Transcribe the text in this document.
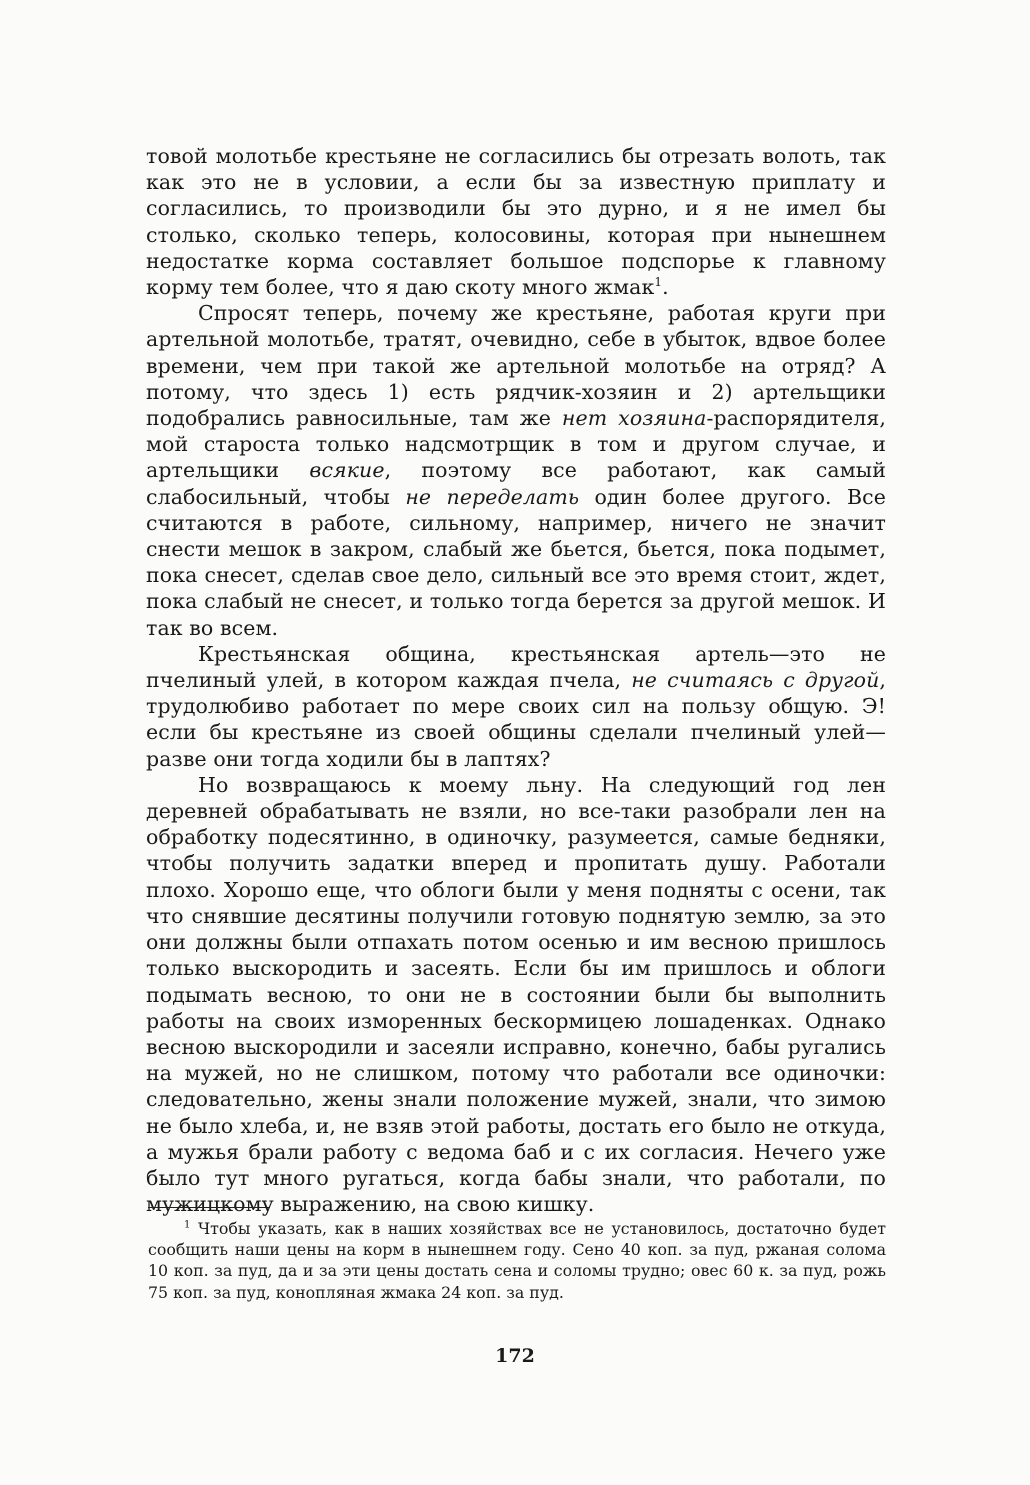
товой молотьбе крестьяне не согласились бы отрезать волоть, так как это не в условии, а если бы за известную приплату и согласились, то производили бы это дурно, и я не имел бы столько, сколько теперь, колосовины, которая при нынешнем недостатке корма составляет большое подспорье к главному корму тем более, что я даю скоту много жмак$^1$.

Спросят теперь, почему же крестьяне, работая круги при артельной молотьбе, тратят, очевидно, себе в убыток, вдвое более времени, чем при такой же артельной молотьбе на отряд? А потому, что здесь 1) есть рядчик-хозяин и 2) артельщики подобрались равносильные, там же нет хозяина-распорядителя, мой староста только надсмотрщик в том и другом случае, и артельщики всякие, поэтому все работают, как самый слабосильный, чтобы не переделать один более другого. Все считаются в работе, сильному, например, ничего не значит снести мешок в закром, слабый же бьется, бьется, пока подымет, пока снесет, сделав свое дело, сильный все это время стоит, ждет, пока слабый не снесет, и только тогда берется за другой мешок. И так во всем.

Крестьянская община, крестьянская артель—это не пчелиный улей, в котором каждая пчела, не считаясь с другой, трудолюбиво работает по мере своих сил на пользу общую. Э! если бы крестьяне из своей общины сделали пчелиный улей—разве они тогда ходили бы в лаптях?

Но возвращаюсь к моему льну. На следующий год лен деревней обрабатывать не взяли, но все-таки разобрали лен на обработку подесятинно, в одиночку, разумеется, самые бедняки, чтобы получить задатки вперед и пропитать душу. Работали плохо. Хорошо еще, что облоги были у меня подняты с осени, так что снявшие десятины получили готовую поднятую землю, за это они должны были отпахать потом осенью и им весною пришлось только выскородить и засеять. Если бы им пришлось и облоги подымать весною, то они не в состоянии были бы выполнить работы на своих изморенных бескормицею лошаденках. Однако весною выскородили и засеяли исправно, конечно, бабы ругались на мужей, но не слишком, потому что работали все одиночки: следовательно, жены знали положение мужей, знали, что зимою не было хлеба, и, не взяв этой работы, достать его было не откуда, а мужья брали работу с ведома баб и с их согласия. Нечего уже было тут много ругаться, когда бабы знали, что работали, по мужицкому выражению, на свою кишку.

$^1$ Чтобы указать, как в наших хозяйствах все не установилось, достаточно будет сообщить наши цены на корм в нынешнем году. Сено 40 коп. за пуд, ржаная солома 10 коп. за пуд, да и за эти цены достать сена и соломы трудно; овес 60 к. за пуд, рожь 75 коп. за пуд, конопляная жмака 24 коп. за пуд.

172
